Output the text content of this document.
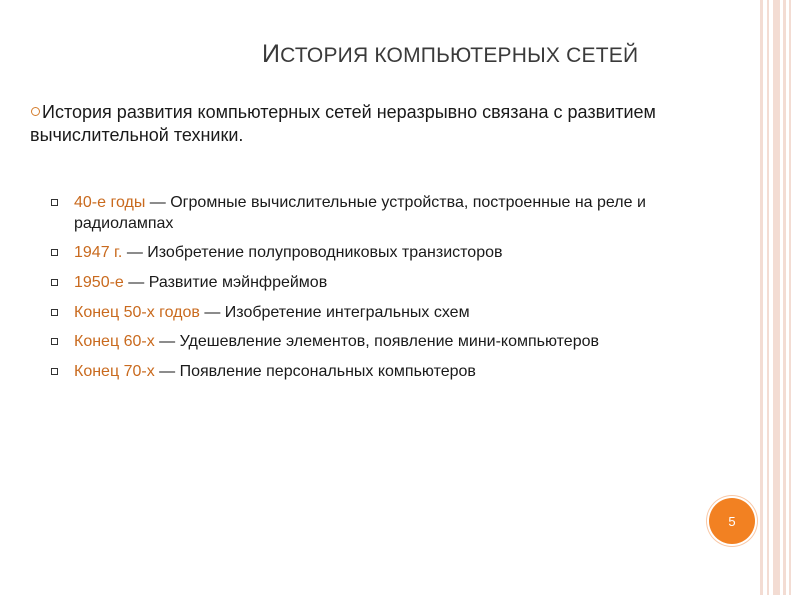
ИСТОРИЯ КОМПЬЮТЕРНЫХ СЕТЕЙ
История развития компьютерных сетей неразрывно связана с развитием вычислительной техники.
40-е годы — Огромные вычислительные устройства, построенные на реле и радиолампах
1947 г. — Изобретение полупроводниковых транзисторов
1950-е — Развитие мэйнфреймов
Конец 50-х годов — Изобретение интегральных схем
Конец 60-х — Удешевление элементов, появление мини-компьютеров
Конец 70-х — Появление персональных компьютеров
5
